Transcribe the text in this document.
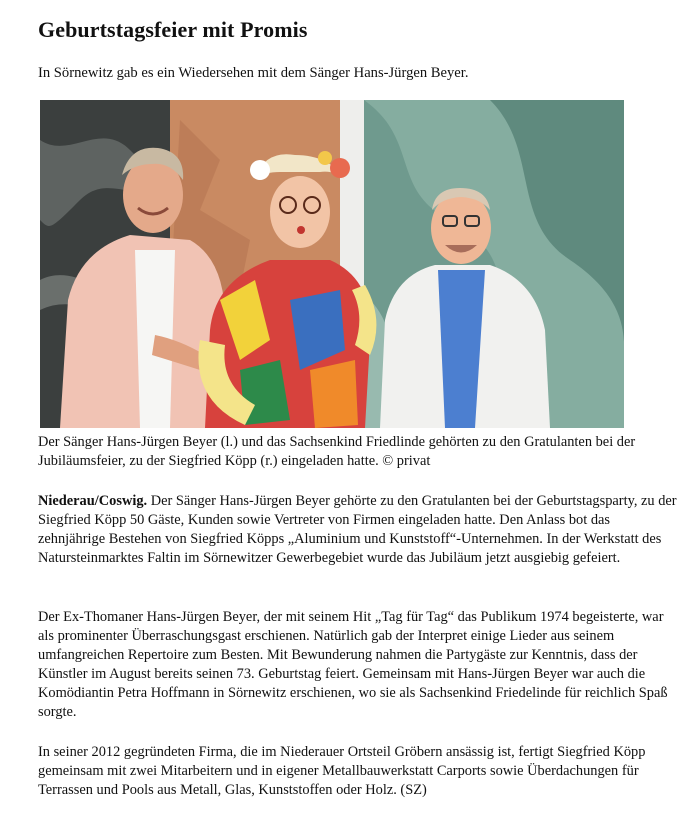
Geburtstagsfeier mit Promis

In Sörnewitz gab es ein Wiedersehen mit dem Sänger Hans-Jürgen Beyer.

Der Sänger Hans-Jürgen Beyer (l.) und das Sachsenkind Friedlinde gehörten zu den Gratulanten bei der Jubiläumsfeier, zu der Siegfried Köpp (r.) eingeladen hatte. © privat

Niederau/Coswig. Der Sänger Hans-Jürgen Beyer gehörte zu den Gratulanten bei der Geburtstagsparty, zu der Siegfried Köpp 50 Gäste, Kunden sowie Vertreter von Firmen eingeladen hatte. Den Anlass bot das zehnjährige Bestehen von Siegfried Köpps „Aluminium und Kunststoff“-Unternehmen. In der Werkstatt des Natursteinmarktes Faltin im Sörnewitzer Gewerbegebiet wurde das Jubiläum jetzt ausgiebig gefeiert.

Der Ex-Thomaner Hans-Jürgen Beyer, der mit seinem Hit „Tag für Tag“ das Publikum 1974 begeisterte, war als prominenter Überraschungsgast erschienen. Natürlich gab der Interpret einige Lieder aus seinem umfangreichen Repertoire zum Besten. Mit Bewunderung nahmen die Partygäste zur Kenntnis, dass der Künstler im August bereits seinen 73. Geburtstag feiert. Gemeinsam mit Hans-Jürgen Beyer war auch die Komödiantin Petra Hoffmann in Sörnewitz erschienen, wo sie als Sachsenkind Friedelinde für reichlich Spaß sorgte.

In seiner 2012 gegründeten Firma, die im Niederauer Ortsteil Gröbern ansässig ist, fertigt Siegfried Köpp gemeinsam mit zwei Mitarbeitern und in eigener Metallbauwerkstatt Carports sowie Überdachungen für Terrassen und Pools aus Metall, Glas, Kunststoffen oder Holz. (SZ)
